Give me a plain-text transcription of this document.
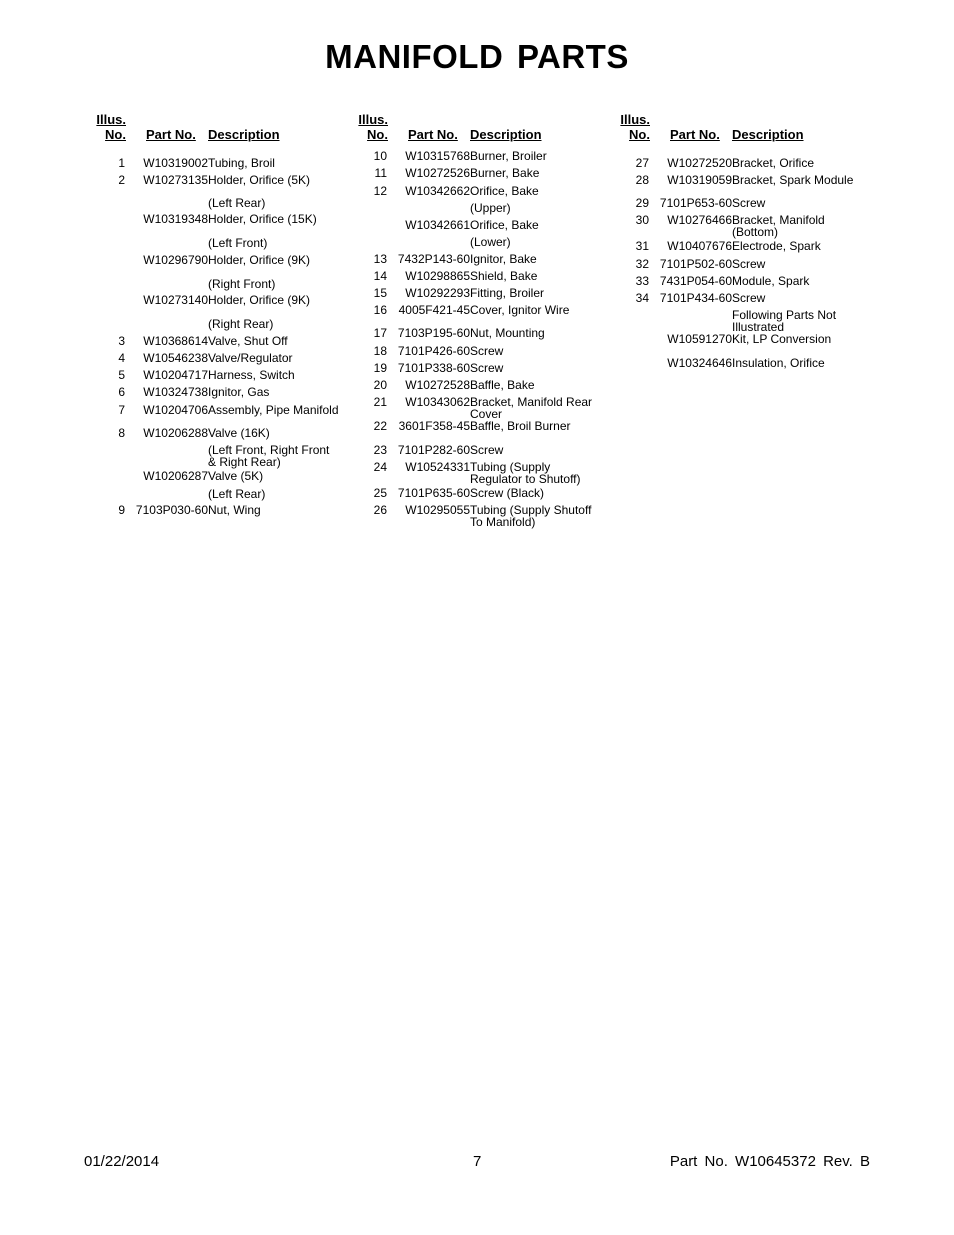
MANIFOLD PARTS
Illus.
No. Part No. Description
1 W10319002 Tubing, Broil
2 W10273135 Holder, Orifice (5K)
(Left Rear)
W10319348 Holder, Orifice (15K)
(Left Front)
W10296790 Holder, Orifice (9K)
(Right Front)
W10273140 Holder, Orifice (9K)
(Right Rear)
3 W10368614 Valve, Shut Off
4 W10546238 Valve/Regulator
5 W10204717 Harness, Switch
6 W10324738 Ignitor, Gas
7 W10204706 Assembly, Pipe Manifold
8 W10206288 Valve (16K)
(Left Front, Right Front
& Right Rear)
W10206287 Valve (5K)
(Left Rear)
9 7103P030-60 Nut, Wing
Illus.
No. Part No. Description
10 W10315768 Burner, Broiler
11 W10272526 Burner, Bake
12 W10342662 Orifice, Bake
(Upper)
W10342661 Orifice, Bake
(Lower)
13 7432P143-60 Ignitor, Bake
14 W10298865 Shield, Bake
15 W10292293 Fitting, Broiler
16 4005F421-45 Cover, Ignitor Wire
17 7103P195-60 Nut, Mounting
18 7101P426-60 Screw
19 7101P338-60 Screw
20 W10272528 Baffle, Bake
21 W10343062 Bracket, Manifold Rear
Cover
22 3601F358-45 Baffle, Broil Burner
23 7101P282-60 Screw
24 W10524331 Tubing (Supply
Regulator to Shutoff)
25 7101P635-60 Screw (Black)
26 W10295055 Tubing (Supply Shutoff
To Manifold)
Illus.
No. Part No. Description
27 W10272520 Bracket, Orifice
28 W10319059 Bracket, Spark Module
29 7101P653-60 Screw
30 W10276466 Bracket, Manifold
(Bottom)
31 W10407676 Electrode, Spark
32 7101P502-60 Screw
33 7431P054-60 Module, Spark
34 7101P434-60 Screw
Following Parts Not
Illustrated
W10591270 Kit, LP Conversion
W10324646 Insulation, Orifice
01/22/2014	7	Part No. W10645372 Rev. B
